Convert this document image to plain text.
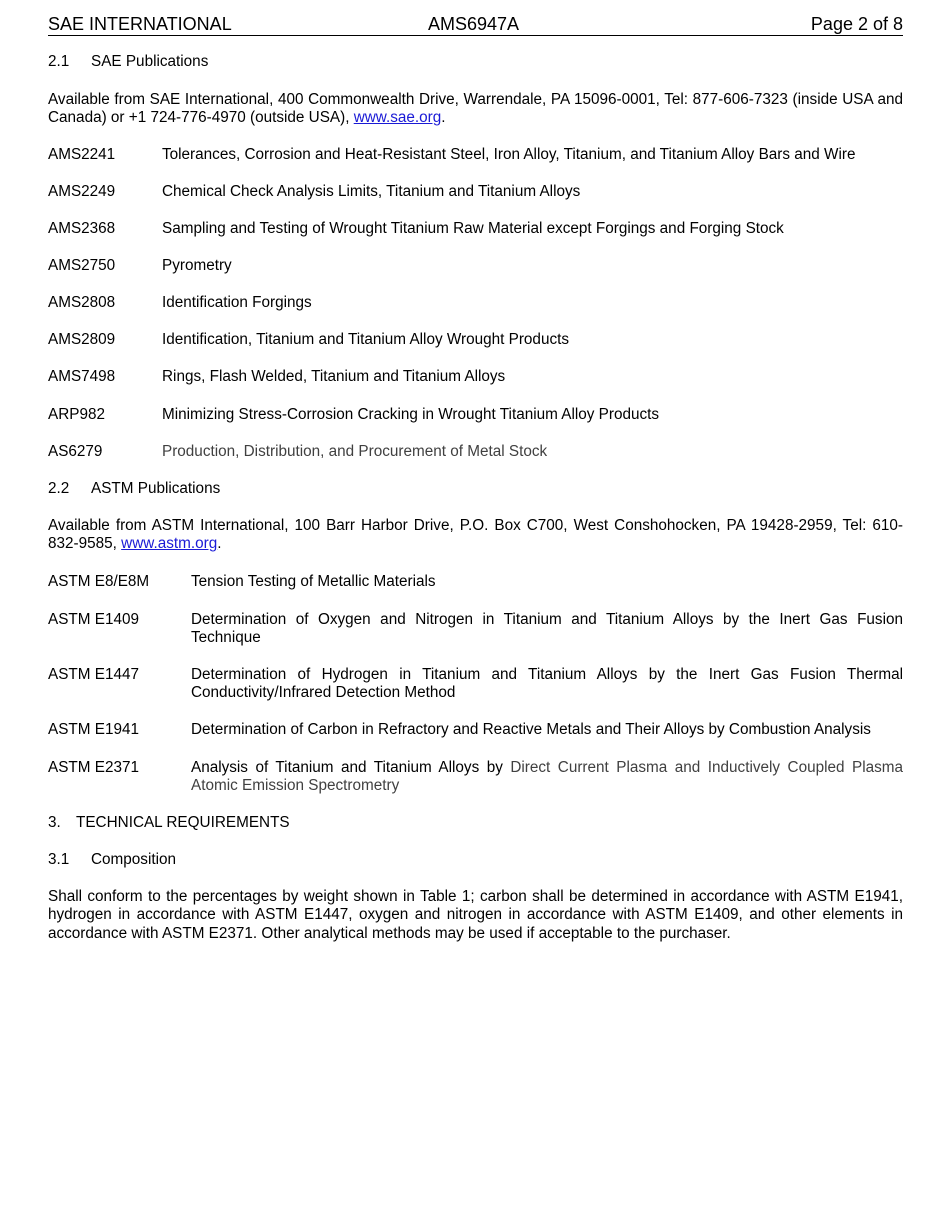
SAE INTERNATIONAL	AMS6947A	Page 2 of 8
2.1 SAE Publications
Available from SAE International, 400 Commonwealth Drive, Warrendale, PA 15096-0001, Tel: 877-606-7323 (inside USA and Canada) or +1 724-776-4970 (outside USA), www.sae.org.
AMS2241	Tolerances, Corrosion and Heat-Resistant Steel, Iron Alloy, Titanium, and Titanium Alloy Bars and Wire
AMS2249	Chemical Check Analysis Limits, Titanium and Titanium Alloys
AMS2368	Sampling and Testing of Wrought Titanium Raw Material except Forgings and Forging Stock
AMS2750	Pyrometry
AMS2808	Identification Forgings
AMS2809	Identification, Titanium and Titanium Alloy Wrought Products
AMS7498	Rings, Flash Welded, Titanium and Titanium Alloys
ARP982	Minimizing Stress-Corrosion Cracking in Wrought Titanium Alloy Products
AS6279	Production, Distribution, and Procurement of Metal Stock
2.2 ASTM Publications
Available from ASTM International, 100 Barr Harbor Drive, P.O. Box C700, West Conshohocken, PA 19428-2959, Tel: 610-832-9585, www.astm.org.
ASTM E8/E8M	Tension Testing of Metallic Materials
ASTM E1409	Determination of Oxygen and Nitrogen in Titanium and Titanium Alloys by the Inert Gas Fusion Technique
ASTM E1447	Determination of Hydrogen in Titanium and Titanium Alloys by the Inert Gas Fusion Thermal Conductivity/Infrared Detection Method
ASTM E1941	Determination of Carbon in Refractory and Reactive Metals and Their Alloys by Combustion Analysis
ASTM E2371	Analysis of Titanium and Titanium Alloys by Direct Current Plasma and Inductively Coupled Plasma Atomic Emission Spectrometry
3. TECHNICAL REQUIREMENTS
3.1 Composition
Shall conform to the percentages by weight shown in Table 1; carbon shall be determined in accordance with ASTM E1941, hydrogen in accordance with ASTM E1447, oxygen and nitrogen in accordance with ASTM E1409, and other elements in accordance with ASTM E2371. Other analytical methods may be used if acceptable to the purchaser.
